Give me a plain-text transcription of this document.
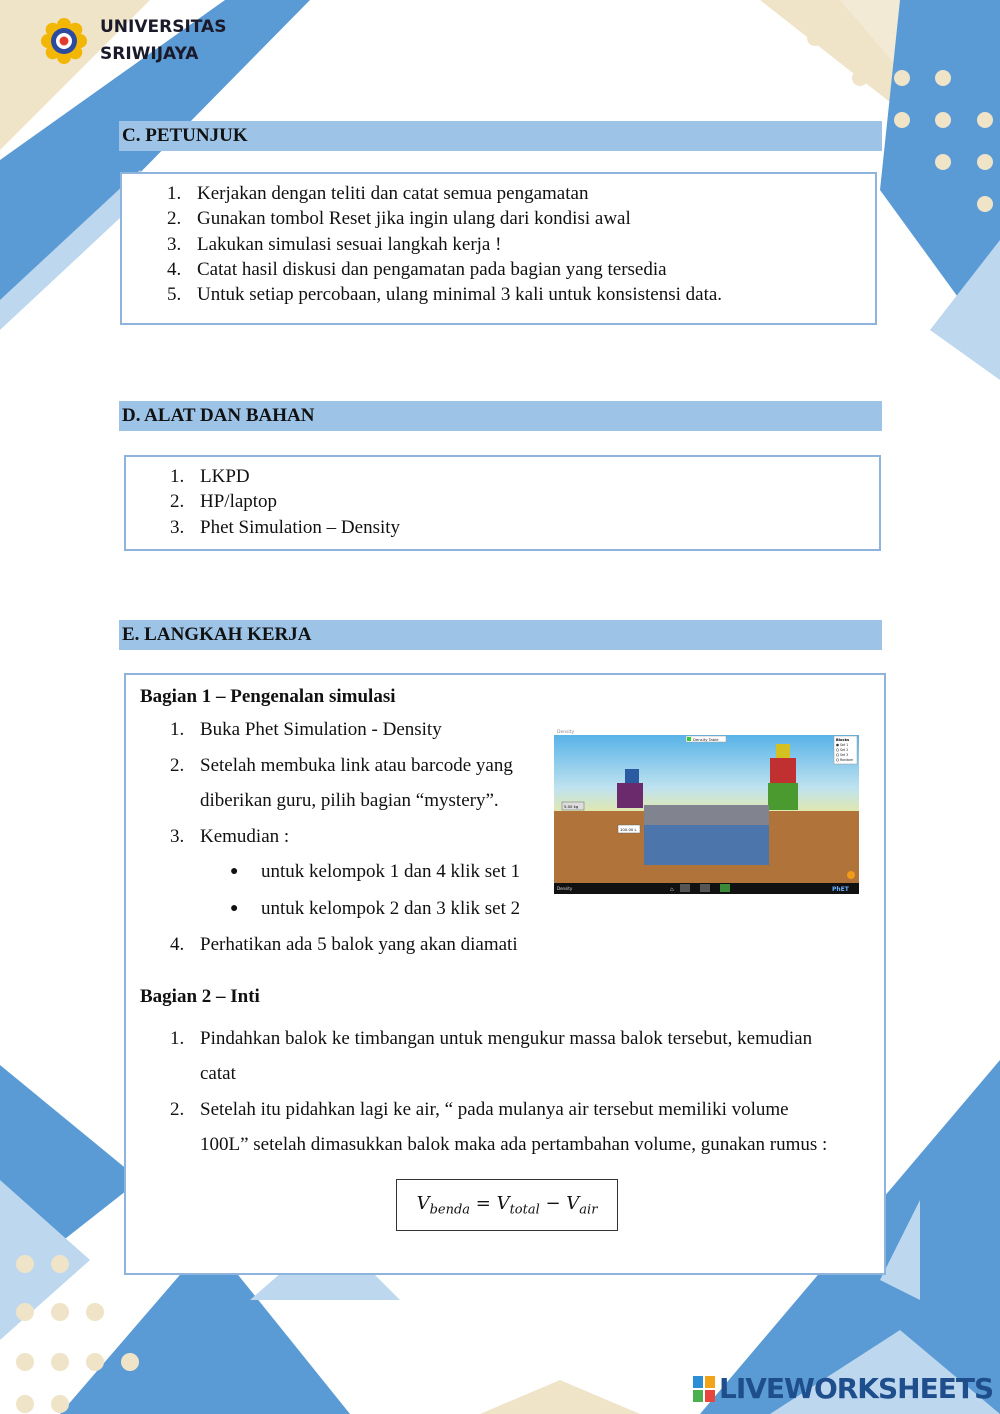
UNIVERSITAS
SRIWIJAYA
C. PETUNJUK
1. Kerjakan dengan teliti dan catat semua pengamatan
2. Gunakan tombol Reset jika ingin ulang dari kondisi awal
3. Lakukan simulasi sesuai langkah kerja !
4. Catat hasil diskusi dan pengamatan pada bagian yang tersedia
5. Untuk setiap percobaan, ulang minimal 3 kali untuk konsistensi data.
D. ALAT DAN BAHAN
1. LKPD
2. HP/laptop
3. Phet Simulation – Density
E. LANGKAH KERJA
Bagian 1 – Pengenalan simulasi
1. Buka Phet Simulation - Density
2. Setelah membuka link atau barcode yang
diberikan guru, pilih bagian “mystery”.
3. Kemudian :
●	untuk kelompok 1 dan 4 klik set 1
●	untuk kelompok 2 dan 3 klik set 2
4. Perhatikan ada 5 balok yang akan diamati
Bagian 2 – Inti
1. Pindahkan balok ke timbangan untuk mengukur massa balok tersebut, kemudian
catat
2. Setelah itu pidahkan lagi ke air, “ pada mulanya air tersebut memiliki volume
100L” setelah dimasukkan balok maka ada pertambahan volume, gunakan rumus :
Density
Density Table	Blocks
Set 1
Set 2
Set 3
Random
5.00 kg
100.00 L
Density	⌂	PhET
$V_{benda} = V_{total} - V_{air}$
LIVEWORKSHEETS
